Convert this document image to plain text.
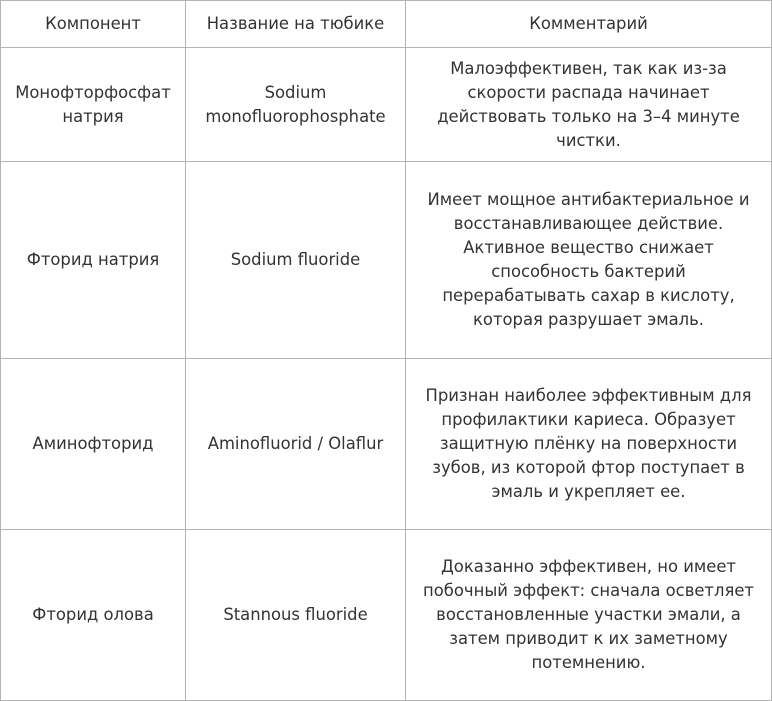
Компонент	Название на тюбике	Комментарий
Монофторфосфат натрия	Sodium monofluorophosphate	Малоэффективен, так как из-за скорости распада начинает действовать только на 3–4 минуте чистки.
Фторид натрия	Sodium fluoride	Имеет мощное антибактериальное и восстанавливающее действие. Активное вещество снижает способность бактерий перерабатывать сахар в кислоту, которая разрушает эмаль.
Аминофторид	Aminofluorid / Olaflur	Признан наиболее эффективным для профилактики кариеса. Образует защитную плёнку на поверхности зубов, из которой фтор поступает в эмаль и укрепляет ее.
Фторид олова	Stannous fluoride	Доказанно эффективен, но имеет побочный эффект: сначала осветляет восстановленные участки эмали, а затем приводит к их заметному потемнению.
